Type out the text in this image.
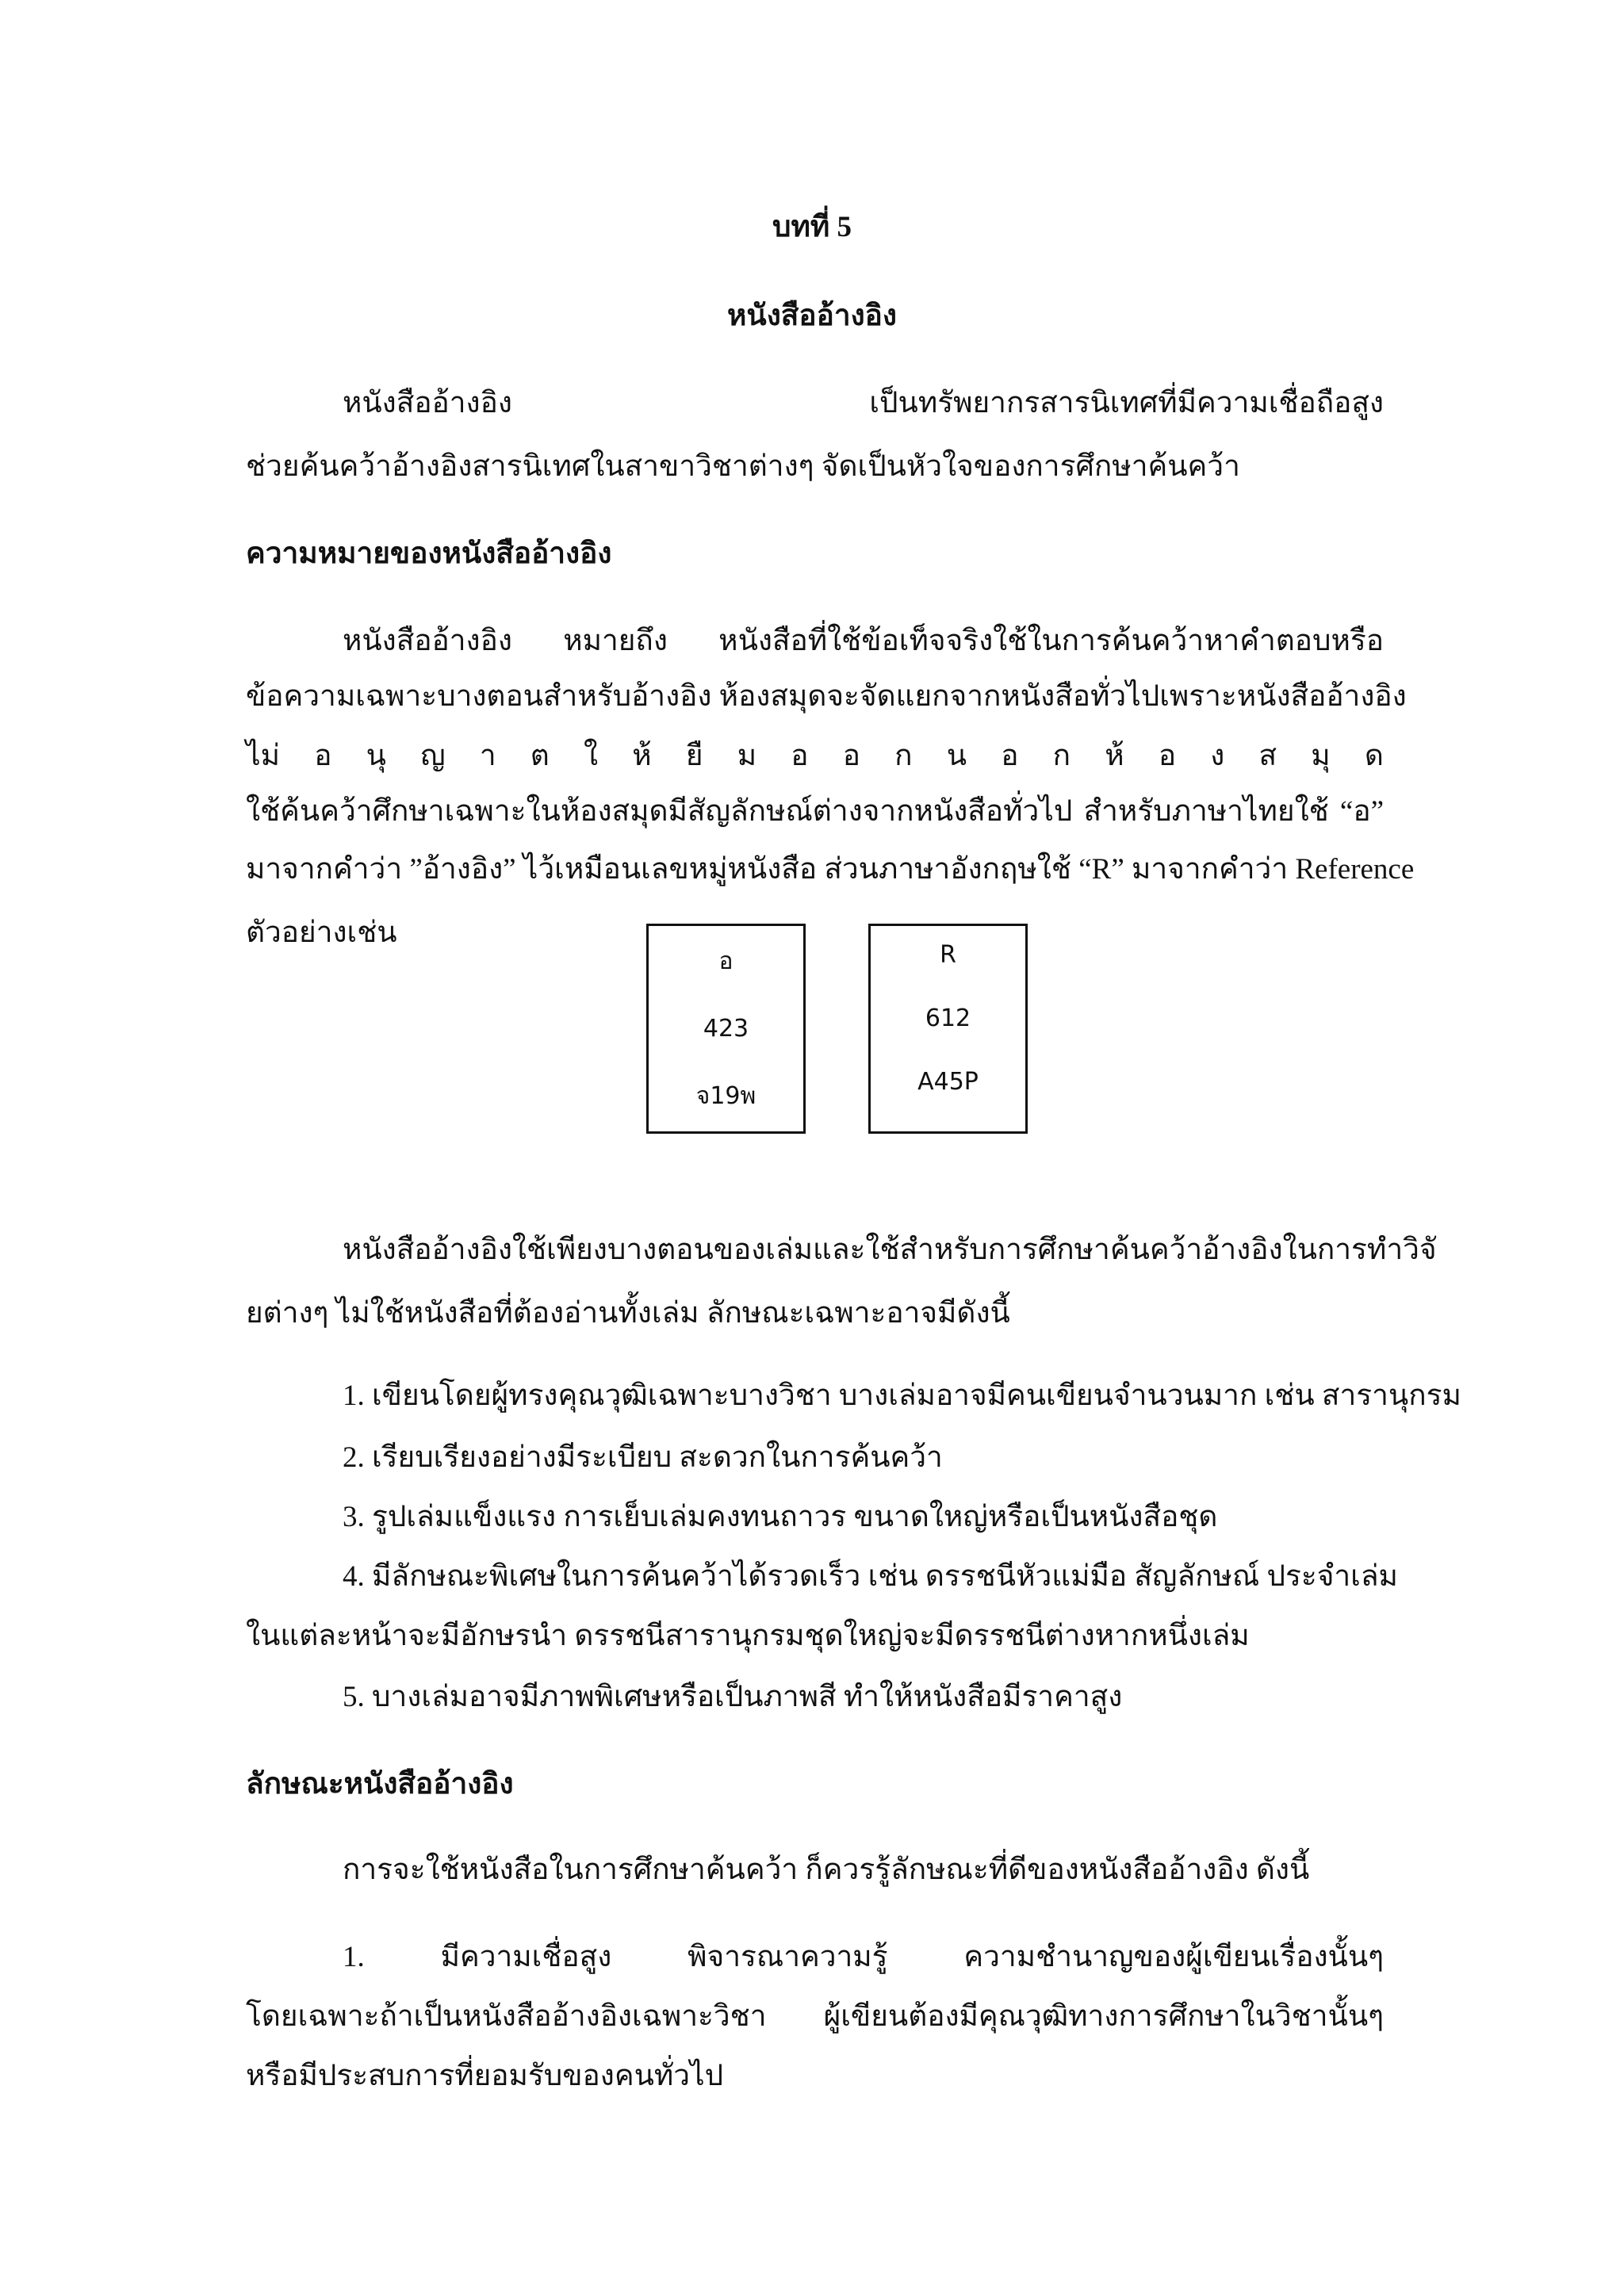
บทที่ 5
หนังสืออ้างอิง
หนังสืออ้างอิง เป็นทรัพยากรสารนิเทศที่มีความเชื่อถือสูง
ช่วยค้นคว้าอ้างอิงสารนิเทศในสาขาวิชาต่างๆ จัดเป็นหัวใจของการศึกษาค้นคว้า
ความหมายของหนังสืออ้างอิง
หนังสืออ้างอิง หมายถึง หนังสือที่ใช้ข้อเท็จจริงใช้ในการค้นคว้าหาคำตอบหรือ
ข้อความเฉพาะบางตอนสำหรับอ้างอิง ห้องสมุดจะจัดแยกจากหนังสือทั่วไปเพราะหนังสืออ้างอิง
ไม่ อ นุ ญ า ต ใ ห้ ยื ม อ อ ก น อ ก ห้ อ ง ส มุ ด
ใช้ค้นคว้าศึกษาเฉพาะในห้องสมุดมีสัญลักษณ์ต่างจากหนังสือทั่วไป สำหรับภาษาไทยใช้ “อ”
มาจากคำว่า ”อ้างอิง” ไว้เหมือนเลขหมู่หนังสือ ส่วนภาษาอังกฤษใช้ “R” มาจากคำว่า Reference
ตัวอย่างเช่น
อ
423
จ19พ
R
612
A45P
หนังสืออ้างอิงใช้เพียงบางตอนของเล่มและใช้สำหรับการศึกษาค้นคว้าอ้างอิงในการทำวิจั
ยต่างๆ ไม่ใช้หนังสือที่ต้องอ่านทั้งเล่ม ลักษณะเฉพาะอาจมีดังนี้
1. เขียนโดยผู้ทรงคุณวุฒิเฉพาะบางวิชา บางเล่มอาจมีคนเขียนจำนวนมาก เช่น สารานุกรม
2. เรียบเรียงอย่างมีระเบียบ สะดวกในการค้นคว้า
3. รูปเล่มแข็งแรง การเย็บเล่มคงทนถาวร ขนาดใหญ่หรือเป็นหนังสือชุด
4. มีลักษณะพิเศษในการค้นคว้าได้รวดเร็ว เช่น ดรรชนีหัวแม่มือ สัญลักษณ์ ประจำเล่ม
ในแต่ละหน้าจะมีอักษรนำ ดรรชนีสารานุกรมชุดใหญ่จะมีดรรชนีต่างหากหนึ่งเล่ม
5. บางเล่มอาจมีภาพพิเศษหรือเป็นภาพสี ทำให้หนังสือมีราคาสูง
ลักษณะหนังสืออ้างอิง
การจะใช้หนังสือในการศึกษาค้นคว้า ก็ควรรู้ลักษณะที่ดีของหนังสืออ้างอิง ดังนี้
1. มีความเชื่อสูง พิจารณาความรู้ ความชำนาญของผู้เขียนเรื่องนั้นๆ
โดยเฉพาะถ้าเป็นหนังสืออ้างอิงเฉพาะวิชา ผู้เขียนต้องมีคุณวุฒิทางการศึกษาในวิชานั้นๆ
หรือมีประสบการที่ยอมรับของคนทั่วไป
